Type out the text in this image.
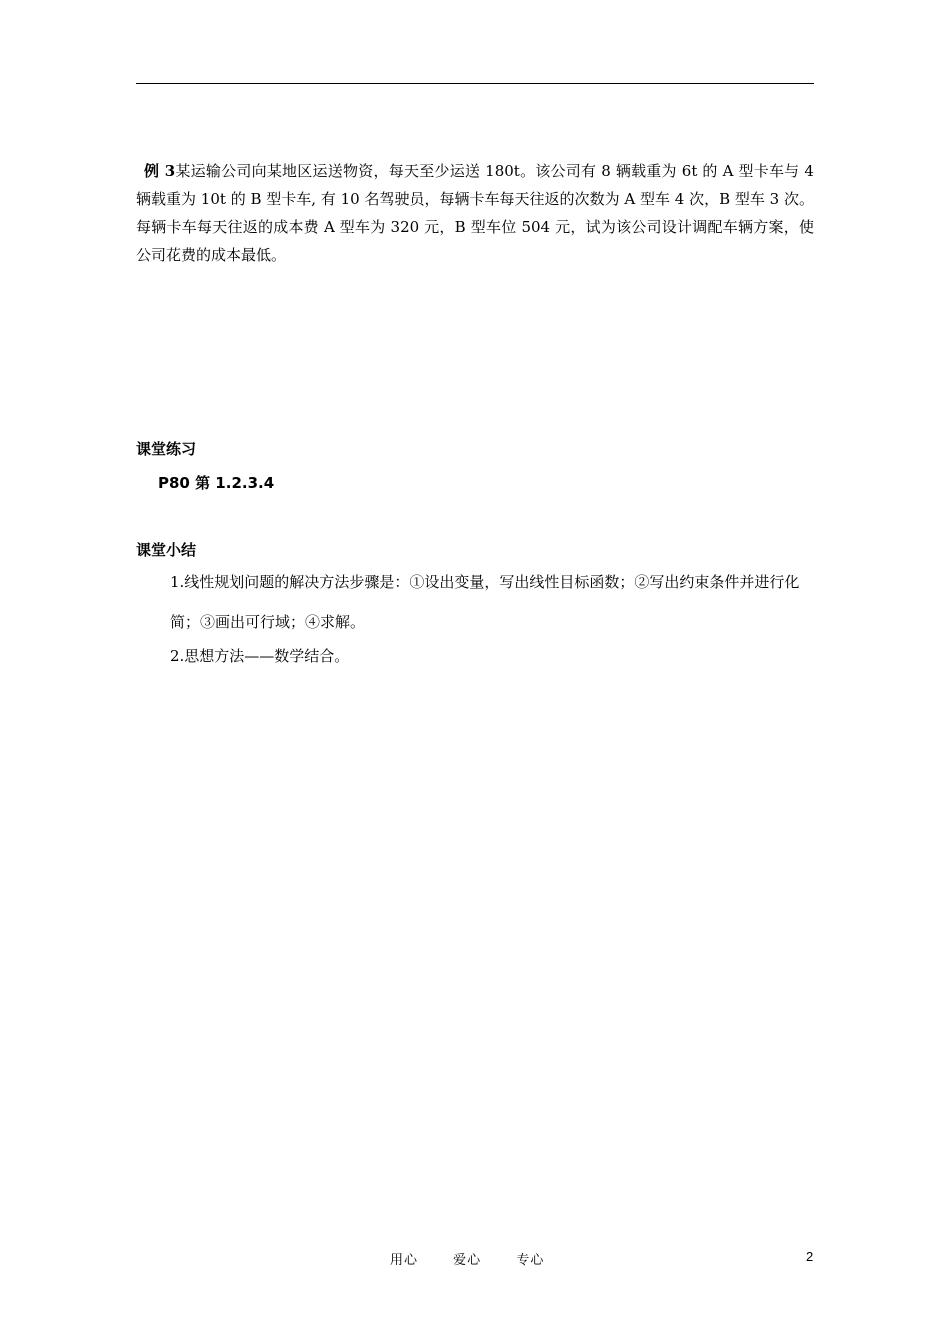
例 3某运输公司向某地区运送物资，每天至少运送 180t。该公司有 8 辆载重为 6t 的 A 型卡车与 4 辆载重为 10t 的 B 型卡车, 有 10 名驾驶员，每辆卡车每天往返的次数为 A 型车 4 次，B 型车 3 次。每辆卡车每天往返的成本费 A 型车为 320 元，B 型车位 504 元，试为该公司设计调配车辆方案，使公司花费的成本最低。
课堂练习
P80 第 1.2.3.4
课堂小结
1.线性规划问题的解决方法步骤是：①设出变量，写出线性目标函数；②写出约束条件并进行化简；③画出可行域；④求解。
2.思想方法——数学结合。
用心	爱心	专心	2
